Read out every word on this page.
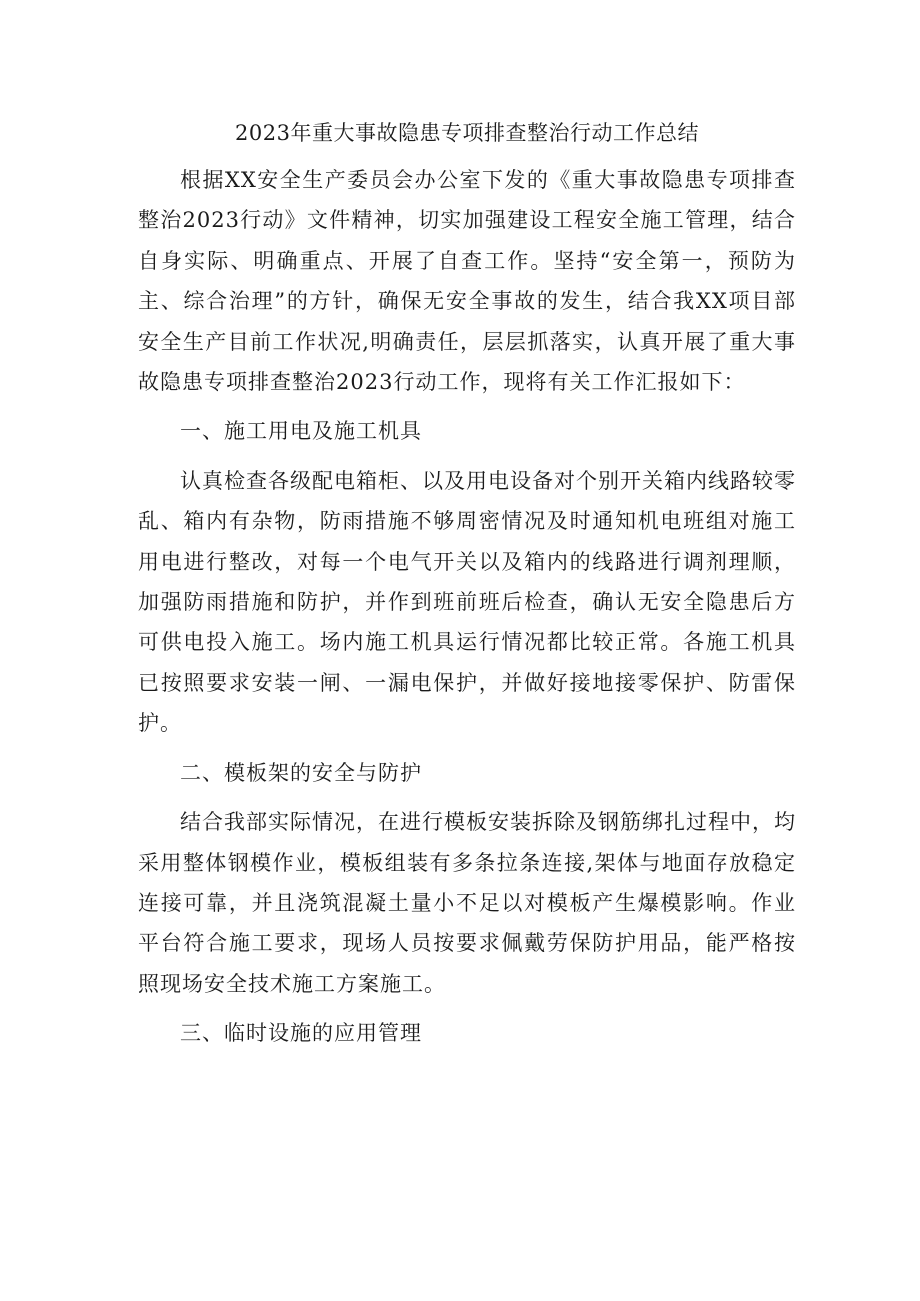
2023年重大事故隐患专项排查整治行动工作总结

根据XX安全生产委员会办公室下发的《重大事故隐患专项排查整治2023行动》文件精神，切实加强建设工程安全施工管理，结合自身实际、明确重点、开展了自查工作。坚持“安全第一，预防为主、综合治理”的方针，确保无安全事故的发生，结合我XX项目部安全生产目前工作状况,明确责任，层层抓落实，认真开展了重大事故隐患专项排查整治2023行动工作，现将有关工作汇报如下：

一、施工用电及施工机具

认真检查各级配电箱柜、以及用电设备对个别开关箱内线路较零乱、箱内有杂物，防雨措施不够周密情况及时通知机电班组对施工用电进行整改，对每一个电气开关以及箱内的线路进行调剂理顺，加强防雨措施和防护，并作到班前班后检查，确认无安全隐患后方可供电投入施工。场内施工机具运行情况都比较正常。各施工机具已按照要求安装一闸、一漏电保护，并做好接地接零保护、防雷保护。

二、模板架的安全与防护

结合我部实际情况，在进行模板安装拆除及钢筋绑扎过程中，均采用整体钢模作业，模板组装有多条拉条连接,架体与地面存放稳定连接可靠，并且浇筑混凝土量小不足以对模板产生爆模影响。作业平台符合施工要求，现场人员按要求佩戴劳保防护用品，能严格按照现场安全技术施工方案施工。

三、临时设施的应用管理
